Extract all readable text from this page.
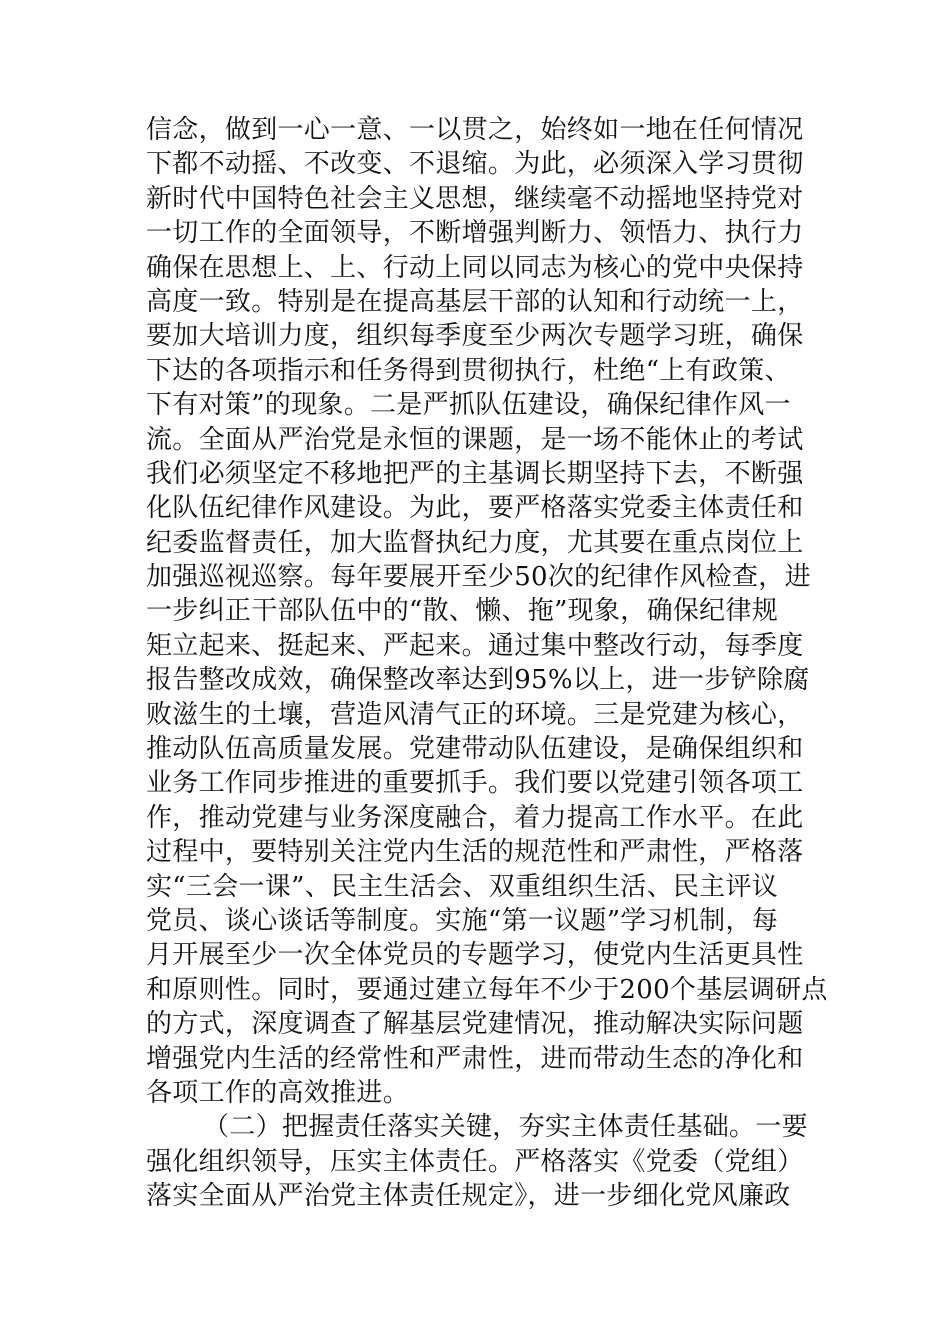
信念，做到一心一意、一以贯之，始终如一地在任何情况
下都不动摇、不改变、不退缩。为此，必须深入学习贯彻
新时代中国特色社会主义思想，继续毫不动摇地坚持党对
一切工作的全面领导，不断增强判断力、领悟力、执行力
确保在思想上、上、行动上同以同志为核心的党中央保持
高度一致。特别是在提高基层干部的认知和行动统一上，
要加大培训力度，组织每季度至少两次专题学习班，确保
下达的各项指示和任务得到贯彻执行，杜绝“上有政策、
下有对策”的现象。二是严抓队伍建设，确保纪律作风一
流。全面从严治党是永恒的课题，是一场不能休止的考试
我们必须坚定不移地把严的主基调长期坚持下去，不断强
化队伍纪律作风建设。为此，要严格落实党委主体责任和
纪委监督责任，加大监督执纪力度，尤其要在重点岗位上
加强巡视巡察。每年要展开至少50次的纪律作风检查，进
一步纠正干部队伍中的“散、懒、拖”现象，确保纪律规
矩立起来、挺起来、严起来。通过集中整改行动，每季度
报告整改成效，确保整改率达到95%以上，进一步铲除腐
败滋生的土壤，营造风清气正的环境。三是党建为核心，
推动队伍高质量发展。党建带动队伍建设，是确保组织和
业务工作同步推进的重要抓手。我们要以党建引领各项工
作，推动党建与业务深度融合，着力提高工作水平。在此
过程中，要特别关注党内生活的规范性和严肃性，严格落
实“三会一课”、民主生活会、双重组织生活、民主评议
党员、谈心谈话等制度。实施“第一议题”学习机制，每
月开展至少一次全体党员的专题学习，使党内生活更具性
和原则性。同时，要通过建立每年不少于200个基层调研点
的方式，深度调查了解基层党建情况，推动解决实际问题
增强党内生活的经常性和严肃性，进而带动生态的净化和
各项工作的高效推进。
（二）把握责任落实关键，夯实主体责任基础。一要
强化组织领导，压实主体责任。严格落实《党委（党组）
落实全面从严治党主体责任规定》，进一步细化党风廉政
